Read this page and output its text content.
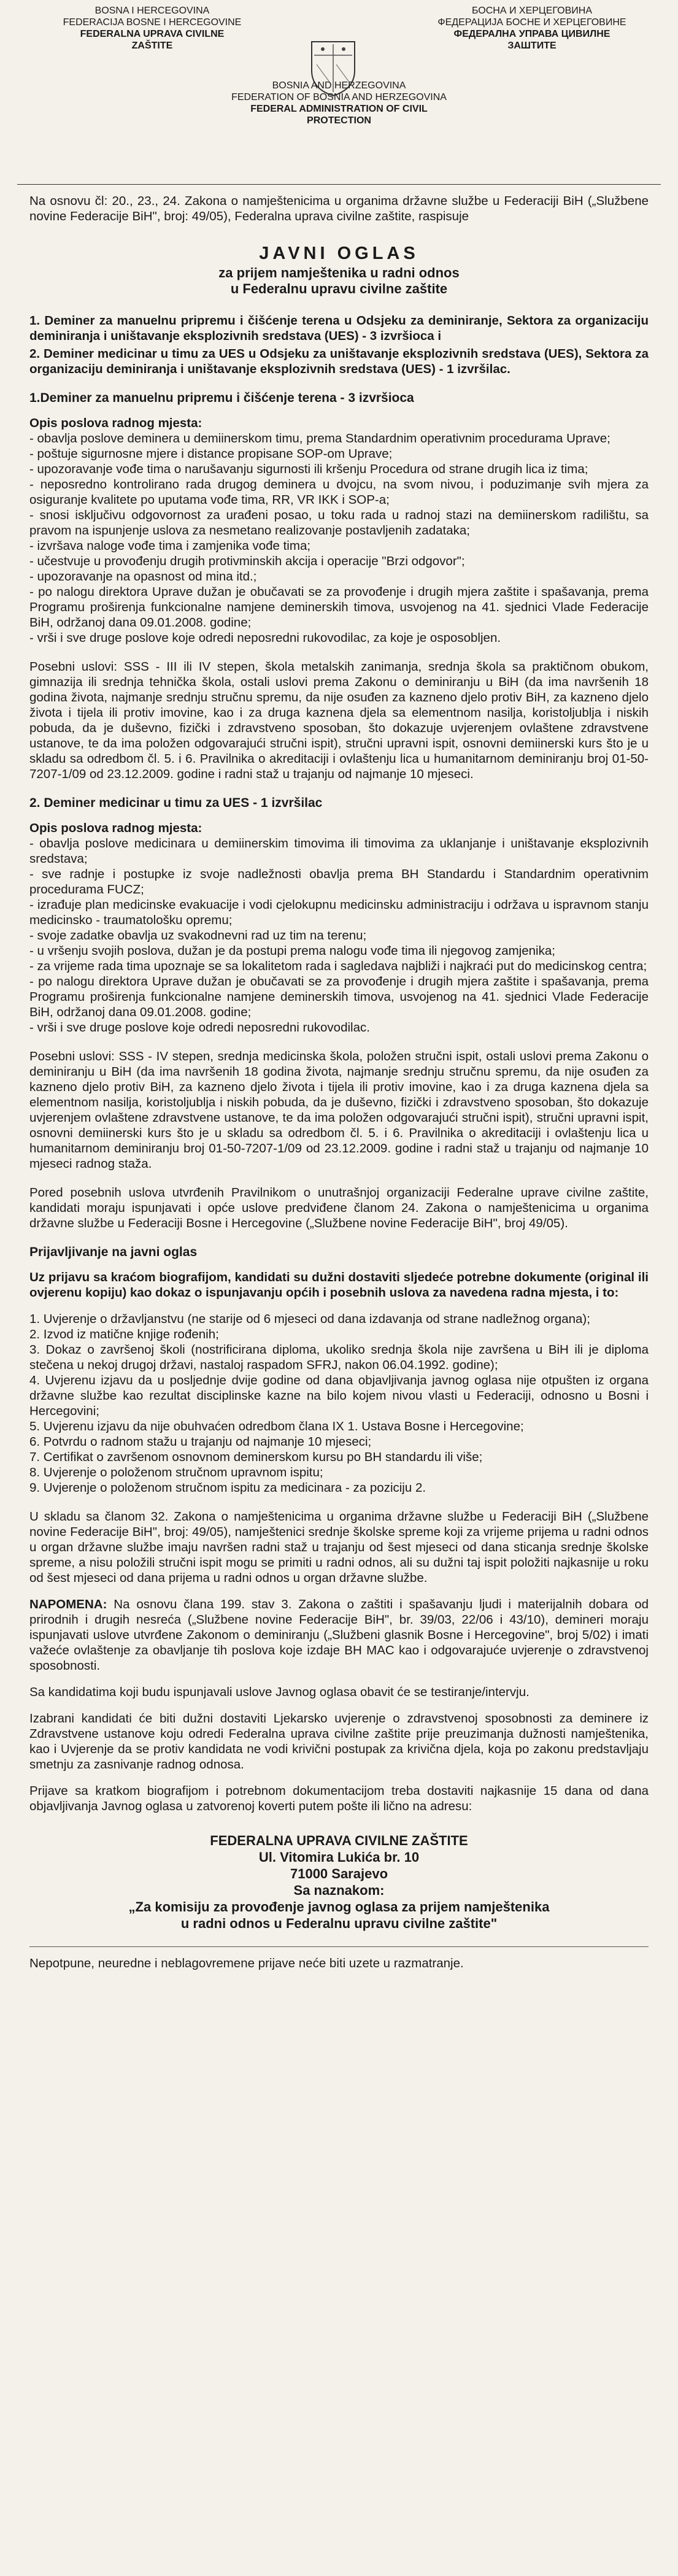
BOSNA I HERCEGOVINA
FEDERACIJA BOSNE I HERCEGOVINE
FEDERALNA UPRAVA CIVILNE
ZAŠTITE
БОСНА И ХЕРЦЕГОВИНА
ФЕДЕРАЦИЈА БОСНЕ И ХЕРЦЕГОВИНЕ
ФЕДЕРАЛНА УПРАВА ЦИВИЛНЕ
ЗАШТИТЕ
BOSNIA AND HERZEGOVINA
FEDERATION OF BOSNIA AND HERZEGOVINA
FEDERAL ADMINISTRATION OF CIVIL
PROTECTION

Na osnovu čl: 20., 23., 24. Zakona o namještenicima u organima državne službe u Federaciji BiH („Službene novine Federacije BiH", broj: 49/05), Federalna uprava civilne zaštite, raspisuje

JAVNI OGLAS
za prijem namještenika u radni odnos
u Federalnu upravu civilne zaštite
1. Deminer za manuelnu pripremu i čišćenje terena u Odsjeku za deminiranje, Sektora za organizaciju deminiranja i uništavanje eksplozivnih sredstava (UES) - 3 izvršioca i
2. Deminer medicinar u timu za UES u Odsjeku za uništavanje eksplozivnih sredstava (UES), Sektora za organizaciju deminiranja i uništavanje eksplozivnih sredstava (UES) - 1 izvršilac.
1.Deminer za manuelnu pripremu i čišćenje terena - 3 izvršioca
Opis poslova radnog mjesta:
- obavlja poslove deminera u demiinerskom timu, prema Standardnim operativnim procedurama Uprave;
- poštuje sigurnosne mjere i distance propisane SOP-om Uprave;
- upozoravanje vođe tima o narušavanju sigurnosti ili kršenju Procedura od strane drugih lica iz tima;
- neposredno kontrolirano rada drugog deminera u dvojcu, na svom nivou, i poduzimanje svih mjera za osiguranje kvalitete po uputama vođe tima, RR, VR IKK i SOP-a;
- snosi isključivu odgovornost za urađeni posao, u toku rada u radnoj stazi na demiinerskom radilištu, sa pravom na ispunjenje uslova za nesmetano realizovanje postavljenih zadataka;
- izvršava naloge vođe tima i zamjenika vođe tima;
- učestvuje u provođenju drugih protivminskih akcija i operacije "Brzi odgovor";
- upozoravanje na opasnost od mina itd.;
- po nalogu direktora Uprave dužan je obučavati se za provođenje i drugih mjera zaštite i spašavanja, prema Programu proširenja funkcionalne namjene deminerskih timova, usvojenog na 41. sjednici Vlade Federacije BiH, održanoj dana 09.01.2008. godine;
- vrši i sve druge poslove koje odredi neposredni rukovodilac, za koje je osposobljen.
Posebni uslovi: SSS - III ili IV stepen, škola metalskih zanimanja, srednja škola sa praktičnom obukom, gimnazija ili srednja tehnička škola, ostali uslovi prema Zakonu o deminiranju u BiH (da ima navršenih 18 godina života, najmanje srednju stručnu spremu, da nije osuđen za kazneno djelo protiv BiH, za kazneno djelo života i tijela ili protiv imovine, kao i za druga kaznena djela sa elementnom nasilja, koristoljublja i niskih pobuda, da je duševno, fizički i zdravstveno sposoban, što dokazuje uvjerenjem ovlaštene zdravstvene ustanove, te da ima položen odgovarajući stručni ispit), stručni upravni ispit, osnovni demiinerski kurs što je u skladu sa odredbom čl. 5. i 6. Pravilnika o akreditaciji i ovlaštenju lica u humanitarnom deminiranju broj 01-50-7207-1/09 od 23.12.2009. godine i radni staž u trajanju od najmanje 10 mjeseci.
2. Deminer medicinar u timu za UES - 1 izvršilac
Opis poslova radnog mjesta:
- obavlja poslove medicinara u demiinerskim timovima ili timovima za uklanjanje i uništavanje eksplozivnih sredstava;
- sve radnje i postupke iz svoje nadležnosti obavlja prema BH Standardu i Standardnim operativnim procedurama FUCZ;
- izrađuje plan medicinske evakuacije i vodi cjelokupnu medicinsku administraciju i održava u ispravnom stanju medicinsko - traumatološku opremu;
- svoje zadatke obavlja uz svakodnevni rad uz tim na terenu;
- u vršenju svojih poslova, dužan je da postupi prema nalogu vođe tima ili njegovog zamjenika;
- za vrijeme rada tima upoznaje se sa lokalitetom rada i sagledava najbliži i najkraći put do medicinskog centra;
- po nalogu direktora Uprave dužan je obučavati se za provođenje i drugih mjera zaštite i spašavanja, prema Programu proširenja funkcionalne namjene deminerskih timova, usvojenog na 41. sjednici Vlade Federacije BiH, održanoj dana 09.01.2008. godine;
- vrši i sve druge poslove koje odredi neposredni rukovodilac.
Posebni uslovi: SSS - IV stepen, srednja medicinska škola, položen stručni ispit, ostali uslovi prema Zakonu o deminiranju u BiH (da ima navršenih 18 godina života, najmanje srednju stručnu spremu, da nije osuđen za kazneno djelo protiv BiH, za kazneno djelo života i tijela ili protiv imovine, kao i za druga kaznena djela sa elementnom nasilja, koristoljublja i niskih pobuda, da je duševno, fizički i zdravstveno sposoban, što dokazuje uvjerenjem ovlaštene zdravstvene ustanove, te da ima položen odgovarajući stručni ispit), stručni upravni ispit, osnovni demiinerski kurs što je u skladu sa odredbom čl. 5. i 6. Pravilnika o akreditaciji i ovlaštenju lica u humanitarnom deminiranju broj 01-50-7207-1/09 od 23.12.2009. godine i radni staž u trajanju od najmanje 10 mjeseci radnog staža.

Pored posebnih uslova utvrđenih Pravilnikom o unutrašnjoj organizaciji Federalne uprave civilne zaštite, kandidati moraju ispunjavati i opće uslove predviđene članom 24. Zakona o namještenicima u organima državne službe u Federaciji Bosne i Hercegovine („Službene novine Federacije BiH", broj 49/05).

Prijavljivanje na javni oglas

Uz prijavu sa kraćom biografijom, kandidati su dužni dostaviti sljedeće potrebne dokumente (original ili ovjerenu kopiju) kao dokaz o ispunjavanju općih i posebnih uslova za navedena radna mjesta, i to:

1. Uvjerenje o državljanstvu (ne starije od 6 mjeseci od dana izdavanja od strane nadležnog organa);
2. Izvod iz matične knjige rođenih;
3. Dokaz o završenoj školi (nostrificirana diploma, ukoliko srednja škola nije završena u BiH ili je diploma stečena u nekoj drugoj državi, nastaloj raspadom SFRJ, nakon 06.04.1992. godine);
4. Uvjerenu izjavu da u posljednje dvije godine od dana objavljivanja javnog oglasa nije otpušten iz organa državne službe kao rezultat disciplinske kazne na bilo kojem nivou vlasti u Federaciji, odnosno u Bosni i Hercegovini;
5. Uvjerenu izjavu da nije obuhvaćen odredbom člana IX 1. Ustava Bosne i Hercegovine;
6. Potvrdu o radnom stažu u trajanju od najmanje 10 mjeseci;
7. Certifikat o završenom osnovnom deminerskom kursu po BH standardu ili više;
8. Uvjerenje o položenom stručnom upravnom ispitu;
9. Uvjerenje o položenom stručnom ispitu za medicinara - za poziciju 2.

U skladu sa članom 32. Zakona o namještenicima u organima državne službe u Federaciji BiH („Službene novine Federacije BiH", broj: 49/05), namještenici srednje školske spreme koji za vrijeme prijema u radni odnos u organ državne službe imaju navršen radni staž u trajanju od šest mjeseci od dana sticanja srednje školske spreme, a nisu položili stručni ispit mogu se primiti u radni odnos, ali su dužni taj ispit položiti najkasnije u roku od šest mjeseci od dana prijema u radni odnos u organ državne službe.

NAPOMENA: Na osnovu člana 199. stav 3. Zakona o zaštiti i spašavanju ljudi i materijalnih dobara od prirodnih i drugih nesreća („Službene novine Federacije BiH", br. 39/03, 22/06 i 43/10), demineri moraju ispunjavati uslove utvrđene Zakonom o deminiranju („Službeni glasnik Bosne i Hercegovine", broj 5/02) i imati važeće ovlaštenje za obavljanje tih poslova koje izdaje BH MAC kao i odgovarajuće uvjerenje o zdravstvenoj sposobnosti.

Sa kandidatima koji budu ispunjavali uslove Javnog oglasa obavit će se testiranje/intervju.

Izabrani kandidati će biti dužni dostaviti Ljekarsko uvjerenje o zdravstvenoj sposobnosti za deminere iz Zdravstvene ustanove koju odredi Federalna uprava civilne zaštite prije preuzimanja dužnosti namještenika, kao i Uvjerenje da se protiv kandidata ne vodi krivični postupak za krivična djela, koja po zakonu predstavljaju smetnju za zasnivanje radnog odnosa.

Prijave sa kratkom biografijom i potrebnom dokumentacijom treba dostaviti najkasnije 15 dana od dana objavljivanja Javnog oglasa u zatvorenoj koverti putem pošte ili lično na adresu:

FEDERALNA UPRAVA CIVILNE ZAŠTITE
Ul. Vitomira Lukića br. 10
71000 Sarajevo
Sa naznakom:
„Za komisiju za provođenje javnog oglasa za prijem namještenika
u radni odnos u Federalnu upravu civilne zaštite"
Nepotpune, neuredne i neblagovremene prijave neće biti uzete u razmatranje.
